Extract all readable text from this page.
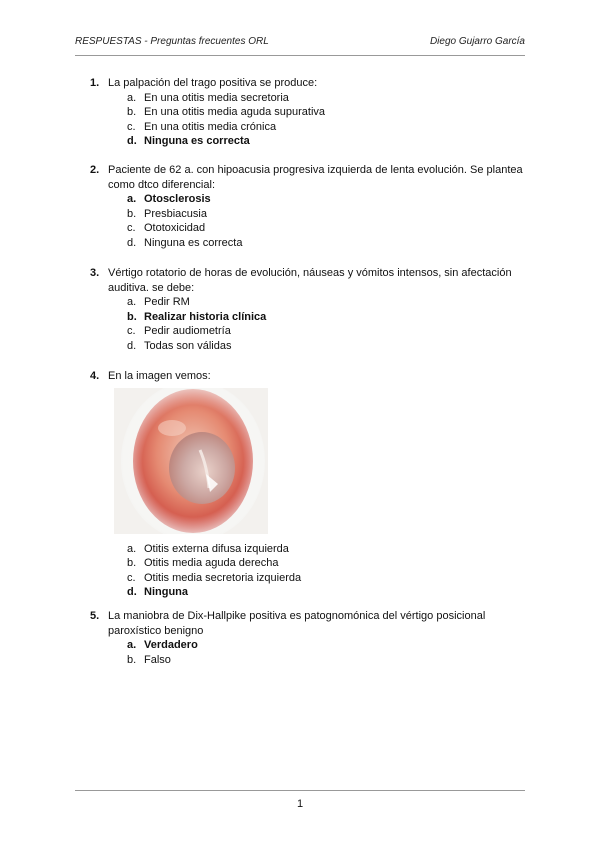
RESPUESTAS - Preguntas frecuentes ORL	Diego Gujarro García
1. La palpación del trago positiva se produce:
a. En una otitis media secretoria
b. En una otitis media aguda supurativa
c. En una otitis media crónica
d. Ninguna es correcta
2. Paciente de 62 a. con hipoacusia progresiva izquierda de lenta evolución. Se plantea como dtco diferencial:
a. Otosclerosis
b. Presbiacusia
c. Ototoxicidad
d. Ninguna es correcta
3. Vértigo rotatorio de horas de evolución, náuseas y vómitos intensos, sin afectación auditiva. se debe:
a. Pedir RM
b. Realizar historia clínica
c. Pedir audiometría
d. Todas son válidas
4. En la imagen vemos:
a. Otitis externa difusa izquierda
b. Otitis media aguda derecha
c. Otitis media secretoria izquierda
d. Ninguna
5. La maniobra de Dix-Hallpike positiva es patognomónica del vértigo posicional paroxístico benigno
a. Verdadero
b. Falso
1
